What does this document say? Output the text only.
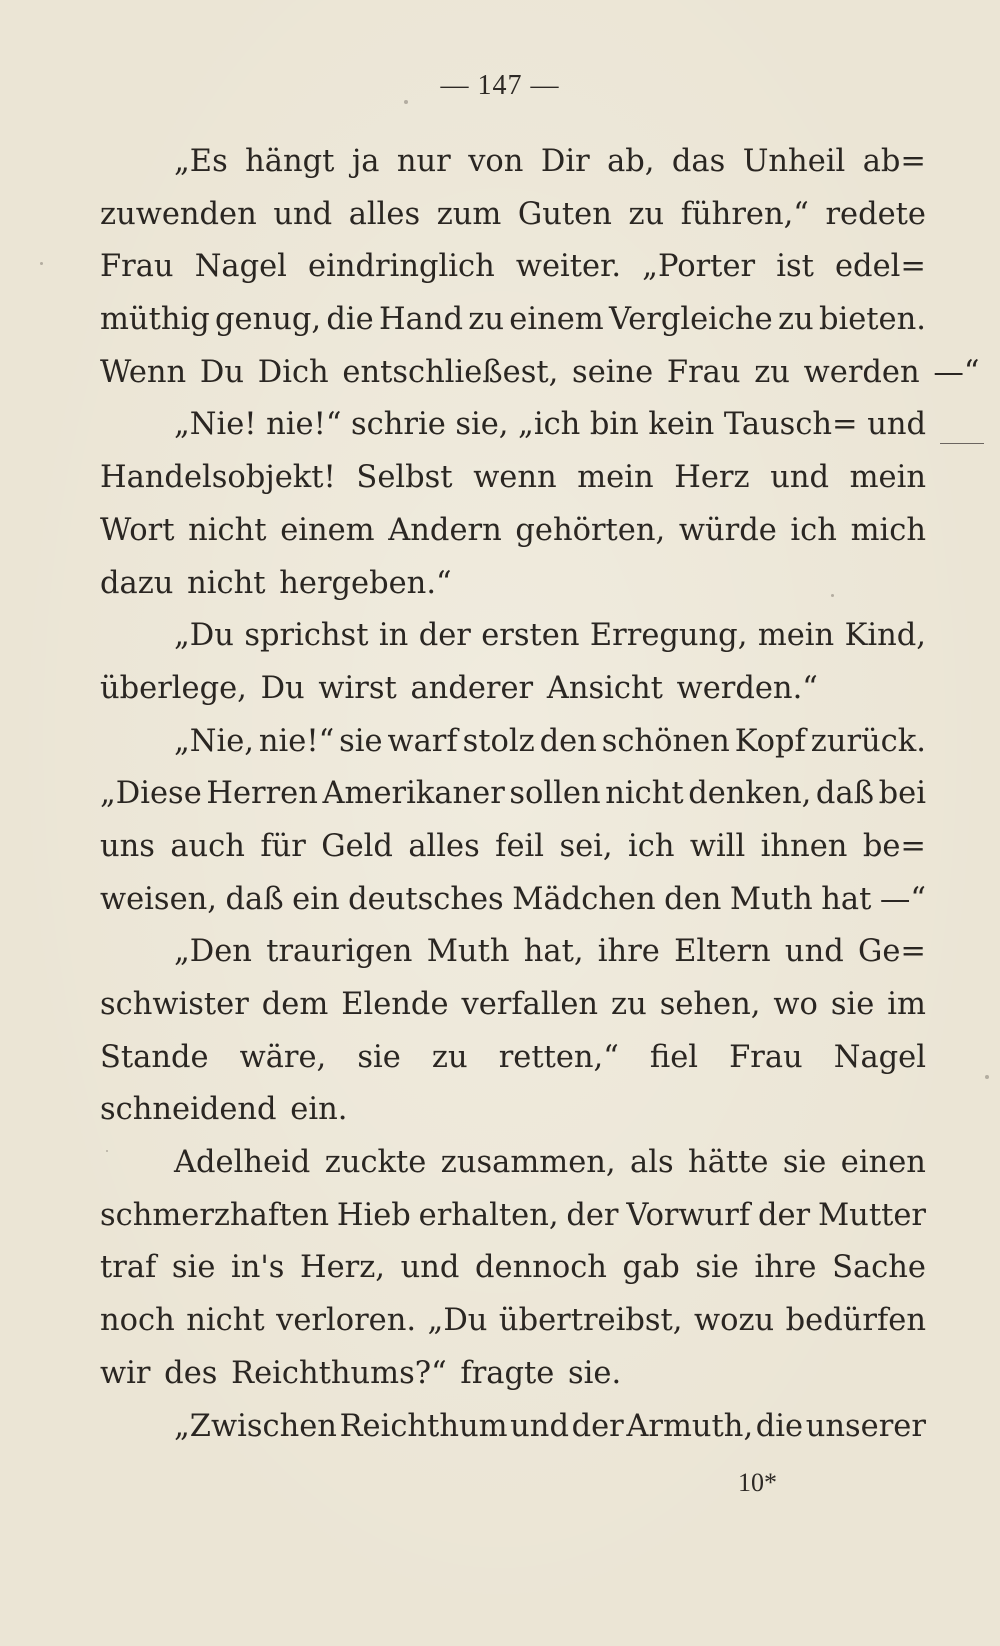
— 147 —
„Es hängt ja nur von Dir ab, das Unheil ab=
zuwenden und alles zum Guten zu führen,“ redete
Frau Nagel eindringlich weiter. „Porter ist edel=
müthig genug, die Hand zu einem Vergleiche zu bieten.
Wenn Du Dich entschließest, seine Frau zu werden —“
„Nie! nie!“ schrie sie, „ich bin kein Tausch= und
Handelsobjekt! Selbst wenn mein Herz und mein
Wort nicht einem Andern gehörten, würde ich mich
dazu nicht hergeben.“
„Du sprichst in der ersten Erregung, mein Kind,
überlege, Du wirst anderer Ansicht werden.“
„Nie, nie!“ sie warf stolz den schönen Kopf zurück.
„Diese Herren Amerikaner sollen nicht denken, daß bei
uns auch für Geld alles feil sei, ich will ihnen be=
weisen, daß ein deutsches Mädchen den Muth hat —“
„Den traurigen Muth hat, ihre Eltern und Ge=
schwister dem Elende verfallen zu sehen, wo sie im
Stande wäre, sie zu retten,“ fiel Frau Nagel
schneidend ein.
Adelheid zuckte zusammen, als hätte sie einen
schmerzhaften Hieb erhalten, der Vorwurf der Mutter
traf sie in's Herz, und dennoch gab sie ihre Sache
noch nicht verloren. „Du übertreibst, wozu bedürfen
wir des Reichthums?“ fragte sie.
„Zwischen Reichthum und der Armuth, die unserer
10*
